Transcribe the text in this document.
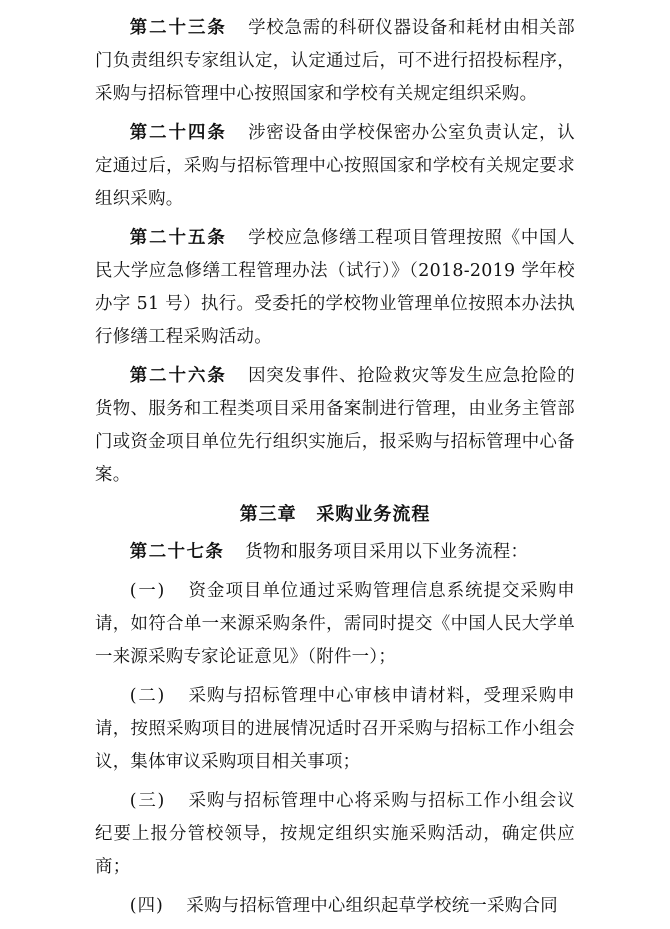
第二十三条 学校急需的科研仪器设备和耗材由相关部门负责组织专家组认定，认定通过后，可不进行招投标程序，采购与招标管理中心按照国家和学校有关规定组织采购。

第二十四条 涉密设备由学校保密办公室负责认定，认定通过后，采购与招标管理中心按照国家和学校有关规定要求组织采购。

第二十五条 学校应急修缮工程项目管理按照《中国人民大学应急修缮工程管理办法（试行）》（2018-2019 学年校办字 51 号）执行。受委托的学校物业管理单位按照本办法执行修缮工程采购活动。

第二十六条 因突发事件、抢险救灾等发生应急抢险的货物、服务和工程类项目采用备案制进行管理，由业务主管部门或资金项目单位先行组织实施后，报采购与招标管理中心备案。

第三章 采购业务流程

第二十七条 货物和服务项目采用以下业务流程：

(一) 资金项目单位通过采购管理信息系统提交采购申请，如符合单一来源采购条件，需同时提交《中国人民大学单一来源采购专家论证意见》（附件一）；

(二) 采购与招标管理中心审核申请材料，受理采购申请，按照采购项目的进展情况适时召开采购与招标工作小组会议，集体审议采购项目相关事项；

(三) 采购与招标管理中心将采购与招标工作小组会议纪要上报分管校领导，按规定组织实施采购活动，确定供应商；

(四) 采购与招标管理中心组织起草学校统一采购合同
